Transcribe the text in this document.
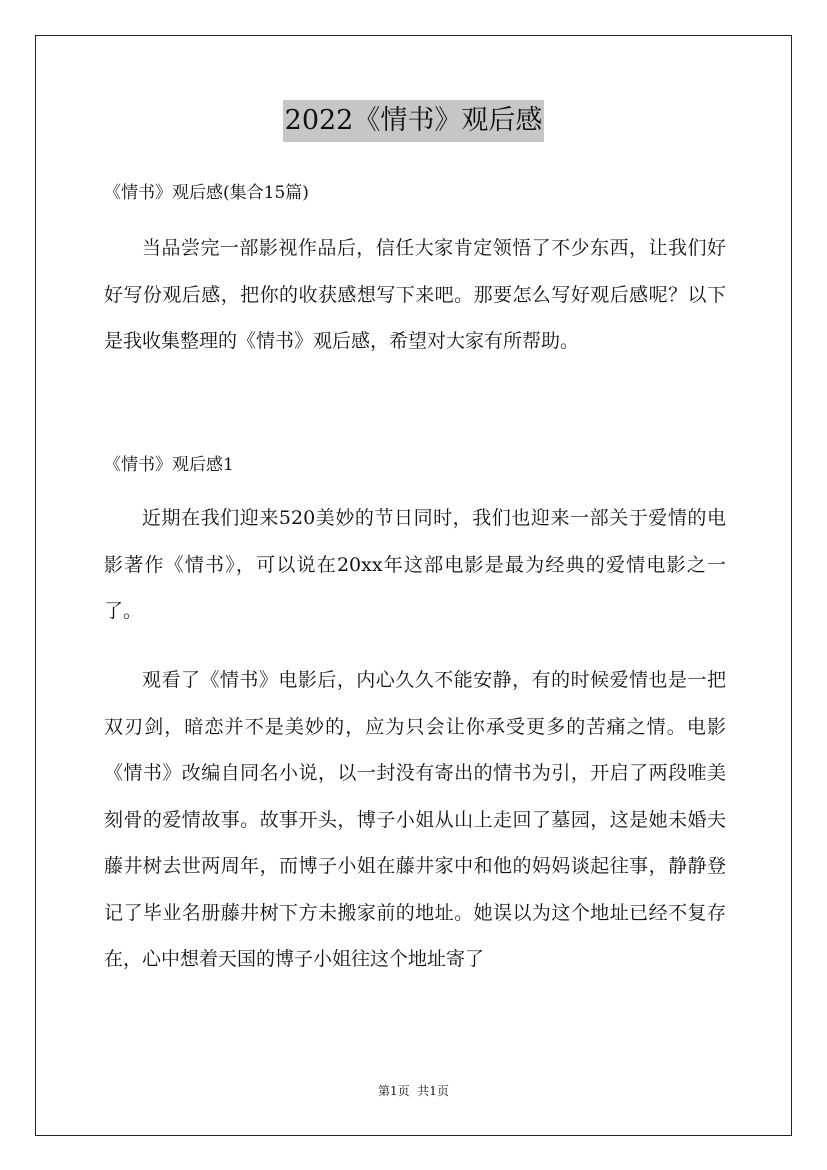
2022《情书》观后感
《情书》观后感(集合15篇)

当品尝完一部影视作品后，信任大家肯定领悟了不少东西，让我们好好写份观后感，把你的收获感想写下来吧。那要怎么写好观后感呢？以下是我收集整理的《情书》观后感，希望对大家有所帮助。

《情书》观后感1

近期在我们迎来520美妙的节日同时，我们也迎来一部关于爱情的电影著作《情书》，可以说在20xx年这部电影是最为经典的爱情电影之一了。

观看了《情书》电影后，内心久久不能安静，有的时候爱情也是一把双刃剑，暗恋并不是美妙的，应为只会让你承受更多的苦痛之情。电影《情书》改编自同名小说，以一封没有寄出的情书为引，开启了两段唯美刻骨的爱情故事。故事开头，博子小姐从山上走回了墓园，这是她未婚夫藤井树去世两周年，而博子小姐在藤井家中和他的妈妈谈起往事，静静登记了毕业名册藤井树下方未搬家前的地址。她误以为这个地址已经不复存在，心中想着天国的博子小姐往这个地址寄了

第1页  共1页
